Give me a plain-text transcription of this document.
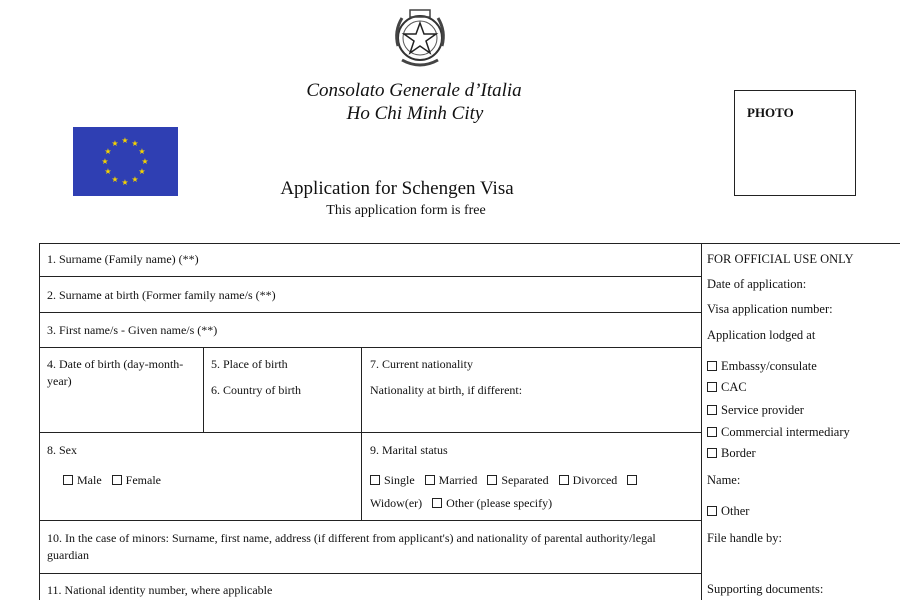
Consolato Generale d’Italia
Ho Chi Minh City
★ ★
★
★
★
★
★
★
★
★
★
★
PHOTO
Application for Schengen Visa
This application form is free
1. Surname (Family name) (**)
2. Surname at birth (Former family name/s (**)
3. First name/s - Given name/s (**)
4. Date of birth (day-month-year)
5. Place of birth
6. Country of birth
7. Current nationality
Nationality at birth, if different:
8. Sex
Male Female
9. Marital status
Single Married Separated Divorced
Widow(er) Other (please specify)
10. In the case of minors: Surname, first name, address (if different from applicant's) and nationality of parental authority/legal guardian
11. National identity number, where applicable
FOR OFFICIAL USE ONLY
Date of application:
Visa application number:
Application lodged at
Embassy/consulate
CAC
Service provider
Commercial intermediary
Border
Name:
Other
File handle by:
Supporting documents:
